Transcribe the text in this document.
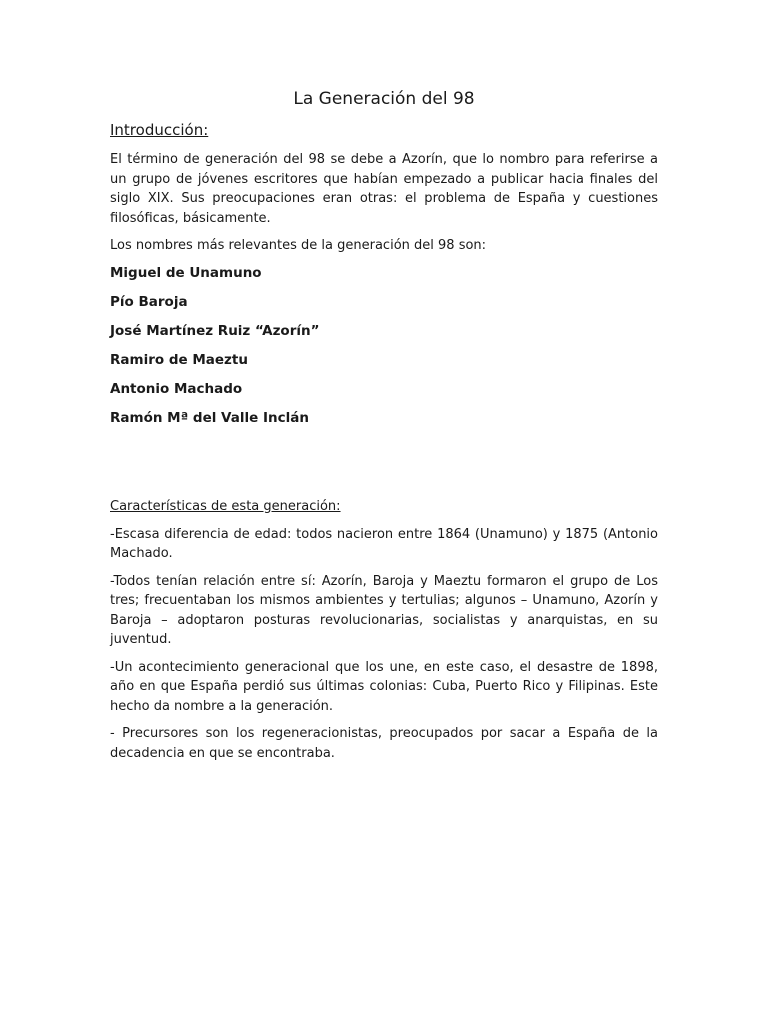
La Generación del 98
Introducción:

El término de generación del 98 se debe a Azorín, que lo nombro para referirse a un grupo de jóvenes escritores que habían empezado a publicar hacia finales del siglo XIX. Sus preocupaciones eran otras: el problema de España y cuestiones filosóficas, básicamente.

Los nombres más relevantes de la generación del 98 son:

Miguel de Unamuno
Pío Baroja
José Martínez Ruiz “Azorín”
Ramiro de Maeztu
Antonio Machado
Ramón Mª del Valle Inclán
Características de esta generación:

-Escasa diferencia de edad: todos nacieron entre 1864 (Unamuno) y 1875 (Antonio Machado.

-Todos tenían relación entre sí: Azorín, Baroja y Maeztu formaron el grupo de Los tres; frecuentaban los mismos ambientes y tertulias; algunos – Unamuno, Azorín y Baroja – adoptaron posturas revolucionarias, socialistas y anarquistas, en su juventud.

-Un acontecimiento generacional que los une, en este caso, el desastre de 1898, año en que España perdió sus últimas colonias: Cuba, Puerto Rico y Filipinas. Este hecho da nombre a la generación.

- Precursores son los regeneracionistas, preocupados por sacar a España de la decadencia en que se encontraba.
